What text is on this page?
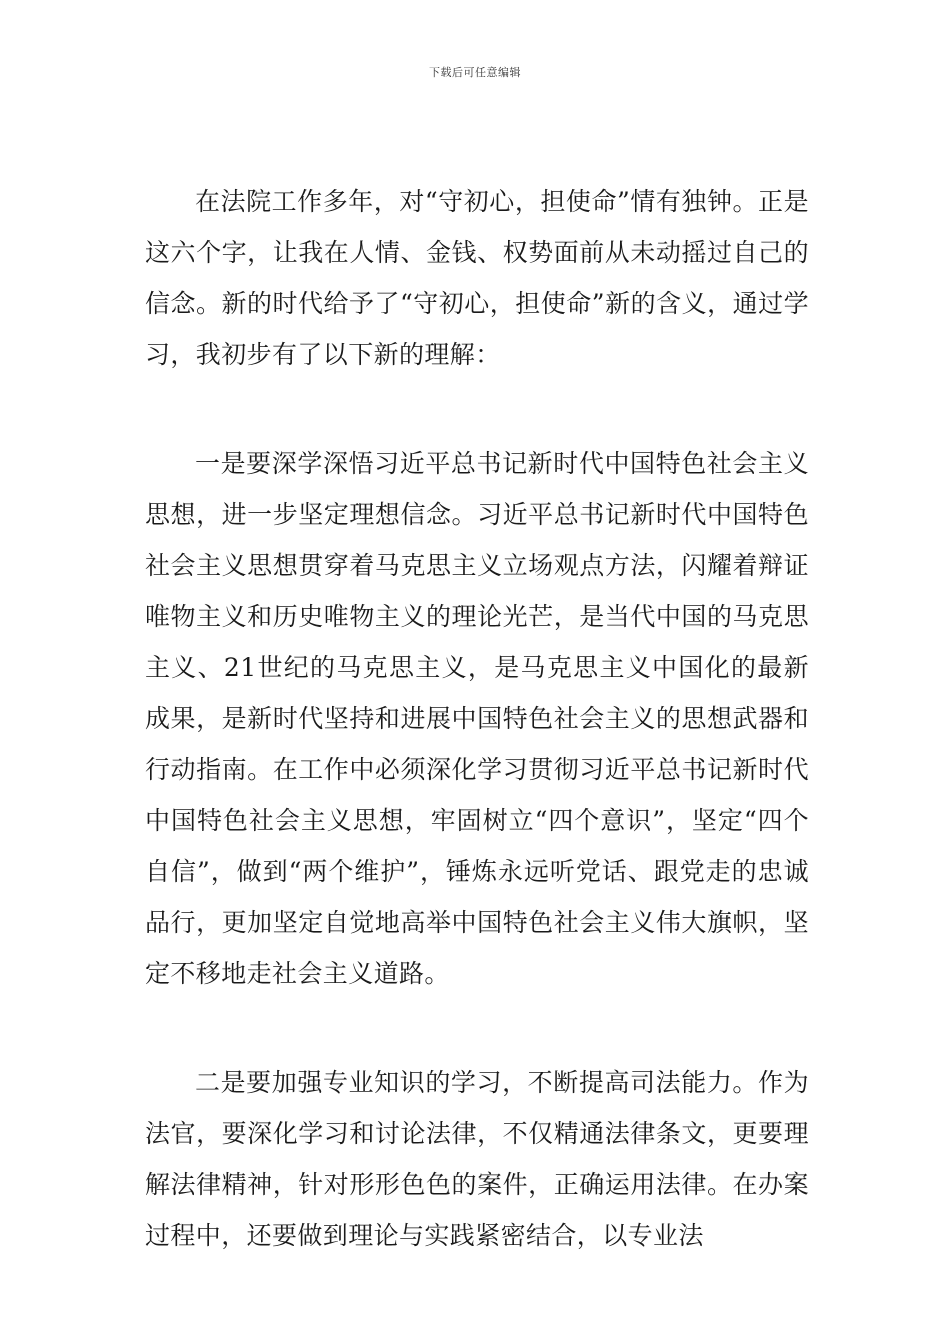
下载后可任意编辑

在法院工作多年，对“守初心，担使命”情有独钟。正是这六个字，让我在人情、金钱、权势面前从未动摇过自己的信念。新的时代给予了“守初心，担使命”新的含义，通过学习，我初步有了以下新的理解：

一是要深学深悟习近平总书记新时代中国特色社会主义思想，进一步坚定理想信念。习近平总书记新时代中国特色社会主义思想贯穿着马克思主义立场观点方法，闪耀着辩证唯物主义和历史唯物主义的理论光芒，是当代中国的马克思主义、21世纪的马克思主义，是马克思主义中国化的最新成果，是新时代坚持和进展中国特色社会主义的思想武器和行动指南。在工作中必须深化学习贯彻习近平总书记新时代中国特色社会主义思想，牢固树立“四个意识”，坚定“四个自信”，做到“两个维护”，锤炼永远听党话、跟党走的忠诚品行，更加坚定自觉地高举中国特色社会主义伟大旗帜，坚定不移地走社会主义道路。

二是要加强专业知识的学习，不断提高司法能力。作为法官，要深化学习和讨论法律，不仅精通法律条文，更要理解法律精神，针对形形色色的案件，正确运用法律。在办案过程中，还要做到理论与实践紧密结合，以专业法
